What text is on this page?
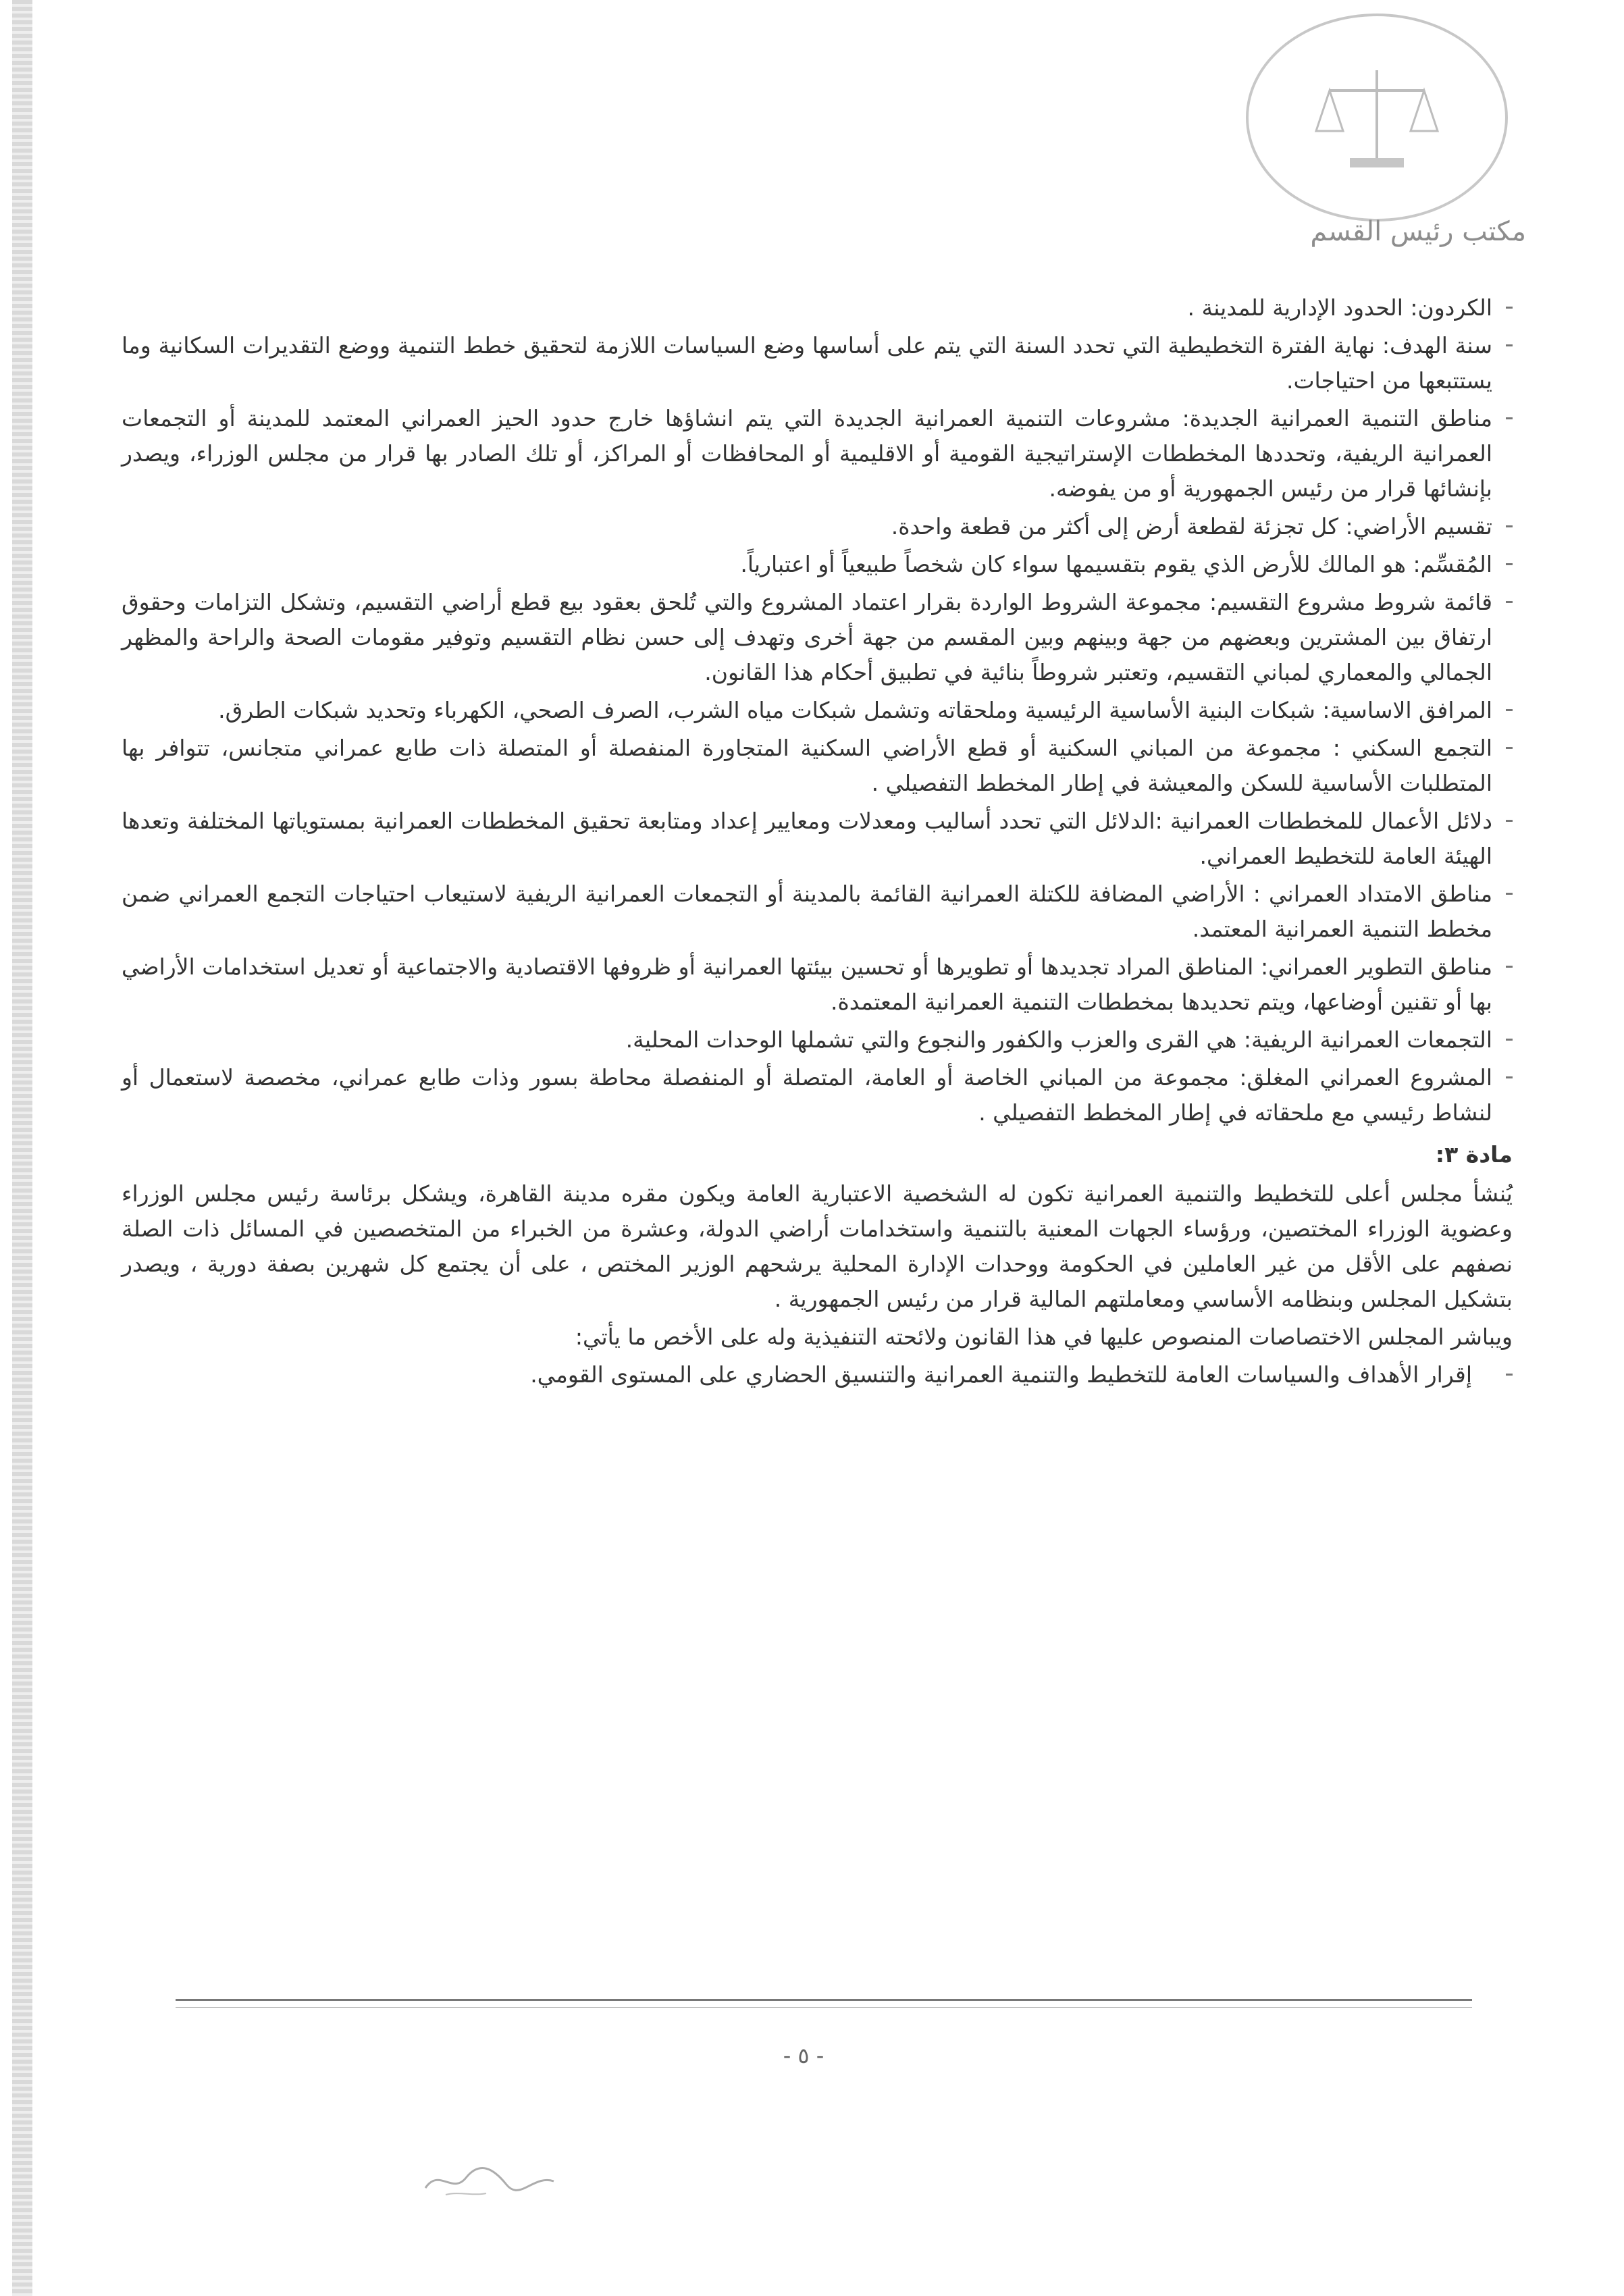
مكتب رئيس القسم

الكردون: الحدود الإدارية للمدينة .

سنة الهدف: نهاية الفترة التخطيطية التي تحدد السنة التي يتم على أساسها وضع السياسات اللازمة لتحقيق خطط التنمية ووضع التقديرات السكانية وما يستتبعها من احتياجات.

مناطق التنمية العمرانية الجديدة: مشروعات التنمية العمرانية الجديدة التي يتم انشاؤها خارج حدود الحيز العمراني المعتمد للمدينة أو التجمعات العمرانية الريفية، وتحددها المخططات الإستراتيجية القومية أو الاقليمية أو المحافظات أو المراكز، أو تلك الصادر بها قرار من مجلس الوزراء، ويصدر بإنشائها قرار من رئيس الجمهورية أو من يفوضه.

تقسيم الأراضي: كل تجزئة لقطعة أرض إلى أكثر من قطعة واحدة.

المُقسِّم: هو المالك للأرض الذي يقوم بتقسيمها سواء كان شخصاً طبيعياً أو اعتبارياً.

قائمة شروط مشروع التقسيم: مجموعة الشروط الواردة بقرار اعتماد المشروع والتي تُلحق بعقود بيع قطع أراضي التقسيم، وتشكل التزامات وحقوق ارتفاق بين المشترين وبعضهم من جهة وبينهم وبين المقسم من جهة أخرى وتهدف إلى حسن نظام التقسيم وتوفير مقومات الصحة والراحة والمظهر الجمالي والمعماري لمباني التقسيم، وتعتبر شروطاً بنائية في تطبيق أحكام هذا القانون.

المرافق الاساسية: شبكات البنية الأساسية الرئيسية وملحقاته وتشمل شبكات مياه الشرب، الصرف الصحي، الكهرباء وتحديد شبكات الطرق.

التجمع السكني : مجموعة من المباني السكنية أو قطع الأراضي السكنية المتجاورة المنفصلة أو المتصلة ذات طابع عمراني متجانس، تتوافر بها المتطلبات الأساسية للسكن والمعيشة في إطار المخطط التفصيلي .

دلائل الأعمال للمخططات العمرانية :الدلائل التي تحدد أساليب ومعدلات ومعايير إعداد ومتابعة تحقيق المخططات العمرانية بمستوياتها المختلفة وتعدها الهيئة العامة للتخطيط العمراني.

مناطق الامتداد العمراني : الأراضي المضافة للكتلة العمرانية القائمة بالمدينة أو التجمعات العمرانية الريفية لاستيعاب احتياجات التجمع العمراني ضمن مخطط التنمية العمرانية المعتمد.

مناطق التطوير العمراني: المناطق المراد تجديدها أو تطويرها أو تحسين بيئتها العمرانية أو ظروفها الاقتصادية والاجتماعية أو تعديل استخدامات الأراضي بها أو تقنين أوضاعها، ويتم تحديدها بمخططات التنمية العمرانية المعتمدة.

التجمعات العمرانية الريفية: هي القرى والعزب والكفور والنجوع والتي تشملها الوحدات المحلية.

المشروع العمراني المغلق: مجموعة من المباني الخاصة أو العامة، المتصلة أو المنفصلة محاطة بسور وذات طابع عمراني، مخصصة لاستعمال أو لنشاط رئيسي مع ملحقاته في إطار المخطط التفصيلي .

مادة ٣:

يُنشأ مجلس أعلى للتخطيط والتنمية العمرانية تكون له الشخصية الاعتبارية العامة ويكون مقره مدينة القاهرة، ويشكل برئاسة رئيس مجلس الوزراء وعضوية الوزراء المختصين، ورؤساء الجهات المعنية بالتنمية واستخدامات أراضي الدولة، وعشرة من الخبراء من المتخصصين في المسائل ذات الصلة نصفهم على الأقل من غير العاملين في الحكومة ووحدات الإدارة المحلية يرشحهم الوزير المختص ، على أن يجتمع كل شهرين بصفة دورية ، ويصدر بتشكيل المجلس وبنظامه الأساسي ومعاملتهم المالية قرار من رئيس الجمهورية .

ويباشر المجلس الاختصاصات المنصوص عليها في هذا القانون ولائحته التنفيذية وله على الأخص ما يأتي:

إقرار الأهداف والسياسات العامة للتخطيط والتنمية العمرانية والتنسيق الحضاري على المستوى القومي.

- ٥ -
